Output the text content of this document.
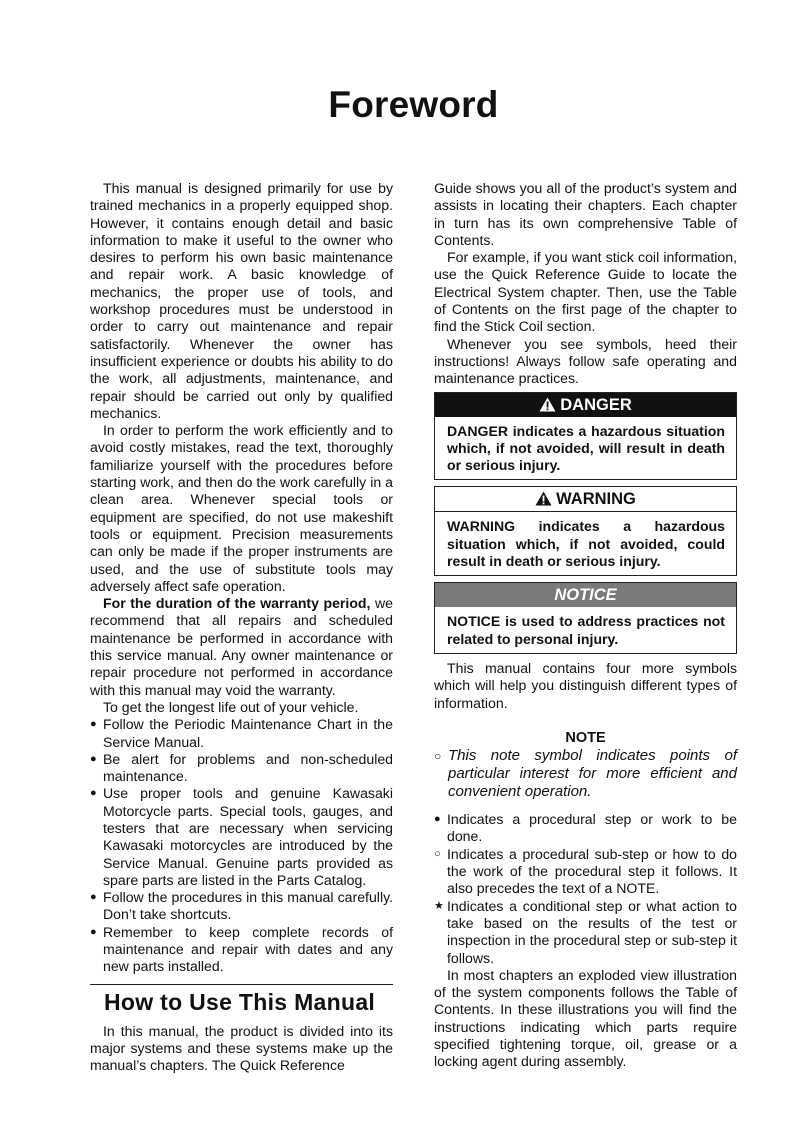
Foreword

This manual is designed primarily for use by trained mechanics in a properly equipped shop. However, it contains enough detail and basic information to make it useful to the owner who desires to perform his own basic maintenance and repair work. A basic knowledge of mechanics, the proper use of tools, and workshop procedures must be understood in order to carry out maintenance and repair satisfactorily. Whenever the owner has insufficient experience or doubts his ability to do the work, all adjustments, maintenance, and repair should be carried out only by qualified mechanics.

In order to perform the work efficiently and to avoid costly mistakes, read the text, thoroughly familiarize yourself with the procedures before starting work, and then do the work carefully in a clean area. Whenever special tools or equipment are specified, do not use makeshift tools or equipment. Precision measurements can only be made if the proper instruments are used, and the use of substitute tools may adversely affect safe operation.

For the duration of the warranty period, we recommend that all repairs and scheduled maintenance be performed in accordance with this service manual. Any owner maintenance or repair procedure not performed in accordance with this manual may void the warranty.

To get the longest life out of your vehicle.

● Follow the Periodic Maintenance Chart in the Service Manual.
● Be alert for problems and non-scheduled maintenance.
● Use proper tools and genuine Kawasaki Motorcycle parts. Special tools, gauges, and testers that are necessary when servicing Kawasaki motorcycles are introduced by the Service Manual. Genuine parts provided as spare parts are listed in the Parts Catalog.
● Follow the procedures in this manual carefully. Don’t take shortcuts.
● Remember to keep complete records of maintenance and repair with dates and any new parts installed.
How to Use This Manual

In this manual, the product is divided into its major systems and these systems make up the manual’s chapters. The Quick Reference

Guide shows you all of the product’s system and assists in locating their chapters. Each chapter in turn has its own comprehensive Table of Contents.

For example, if you want stick coil information, use the Quick Reference Guide to locate the Electrical System chapter. Then, use the Table of Contents on the first page of the chapter to find the Stick Coil section.

Whenever you see symbols, heed their instructions! Always follow safe operating and maintenance practices.

DANGER
DANGER indicates a hazardous situation which, if not avoided, will result in death or serious injury.
WARNING
WARNING indicates a hazardous situation which, if not avoided, could result in death or serious injury.
NOTICE
NOTICE is used to address practices not related to personal injury.

This manual contains four more symbols which will help you distinguish different types of information.

NOTE
○ This note symbol indicates points of particular interest for more efficient and convenient operation.
● Indicates a procedural step or work to be done.
○ Indicates a procedural sub-step or how to do the work of the procedural step it follows. It also precedes the text of a NOTE.
★ Indicates a conditional step or what action to take based on the results of the test or inspection in the procedural step or sub-step it follows.

In most chapters an exploded view illustration of the system components follows the Table of Contents. In these illustrations you will find the instructions indicating which parts require specified tightening torque, oil, grease or a locking agent during assembly.
